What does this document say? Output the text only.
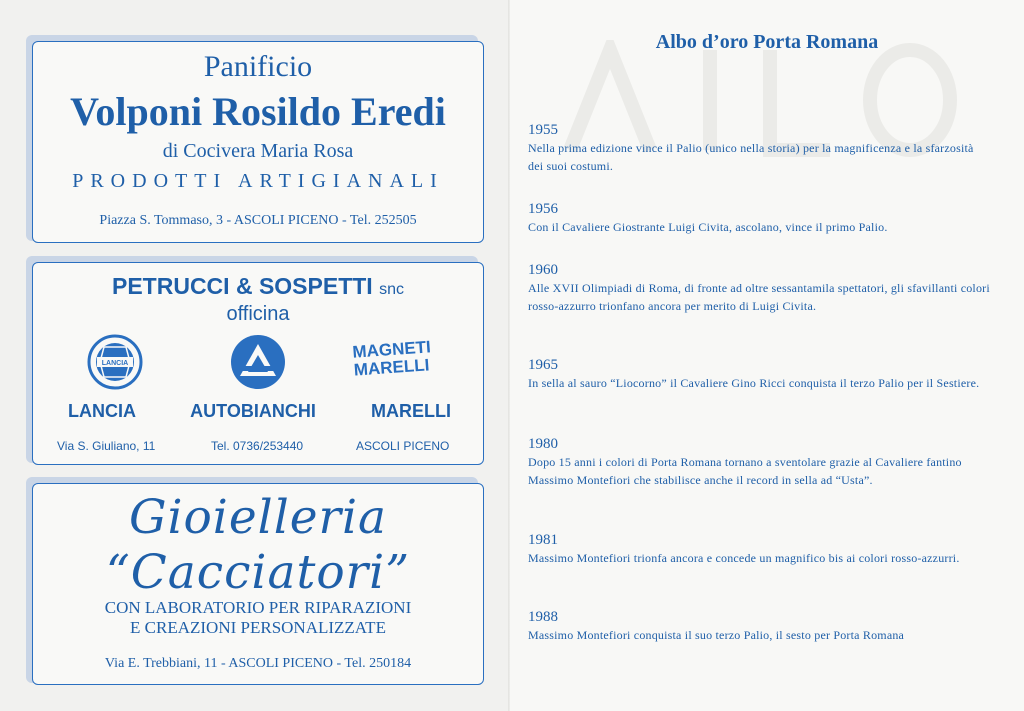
Panificio
Volponi Rosildo Eredi
di Cocivera Maria Rosa
PRODOTTI ARTIGIANALI
Piazza S. Tommaso, 3 - ASCOLI PICENO - Tel. 252505
PETRUCCI & SOSPETTI snc
officina
LANCIA
MAGNETI
MARELLI
LANCIA	AUTOBIANCHI	MARELLI
Via S. Giuliano, 11	Tel. 0736/253440	ASCOLI PICENO
Gioielleria “Cacciatori”
CON LABORATORIO PER RIPARAZIONI
E CREAZIONI PERSONALIZZATE
Via E. Trebbiani, 11 - ASCOLI PICENO - Tel. 250184
Albo d’oro Porta Romana
1955
Nella prima edizione vince il Palio (unico nella storia) per la magnificenza e la sfarzosità dei suoi costumi.
1956
Con il Cavaliere Giostrante Luigi Civita, ascolano, vince il primo Palio.
1960
Alle XVII Olimpiadi di Roma, di fronte ad oltre sessantamila spettatori, gli sfavillanti colori rosso-azzurro trionfano ancora per merito di Luigi Civita.
1965
In sella al sauro “Liocorno” il Cavaliere Gino Ricci conquista il terzo Palio per il Sestiere.
1980
Dopo 15 anni i colori di Porta Romana tornano a sventolare grazie al Cavaliere fantino Massimo Montefiori che stabilisce anche il record in sella ad “Usta”.
1981
Massimo Montefiori trionfa ancora e concede un magnifico bis ai colori rosso-azzurri.
1988
Massimo Montefiori conquista il suo terzo Palio, il sesto per Porta Romana
